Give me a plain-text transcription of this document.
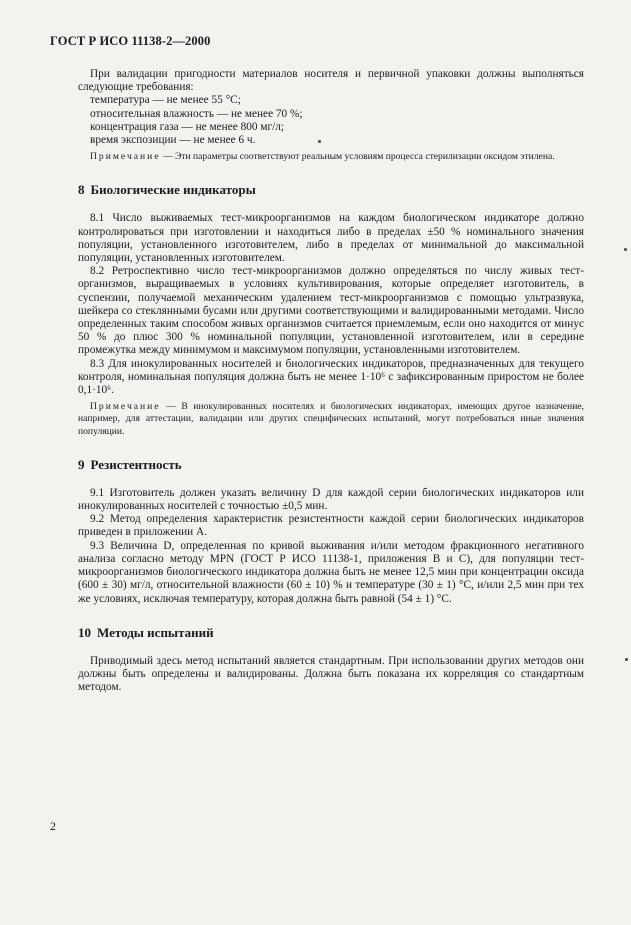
ГОСТ Р ИСО 11138-2—2000

При валидации пригодности материалов носителя и первичной упаковки должны выполняться следующие требования:

температура — не менее 55 °С;
относительная влажность — не менее 70 %;
концентрация газа — не менее 800 мг/л;
время экспозиции — не менее 6 ч.

Примечание — Эти параметры соответствуют реальным условиям процесса стерилизации оксидом этилена.

8 Биологические индикаторы

8.1 Число выживаемых тест-микроорганизмов на каждом биологическом индикаторе должно контролироваться при изготовлении и находиться либо в пределах ±50 % номинального значения популяции, установленного изготовителем, либо в пределах от минимальной до максимальной популяции, установленных изготовителем.

8.2 Ретроспективно число тест-микроорганизмов должно определяться по числу живых тест-организмов, выращиваемых в условиях культивирования, которые определяет изготовитель, в суспензии, получаемой механическим удалением тест-микроорганизмов с помощью ультразвука, шейкера со стеклянными бусами или другими соответствующими и валидированными методами. Число определенных таким способом живых организмов считается приемлемым, если оно находится от минус 50 % до плюс 300 % номинальной популяции, установленной изготовителем, или в середине промежутка между минимумом и максимумом популяции, установленными изготовителем.

8.3 Для инокулированных носителей и биологических индикаторов, предназначенных для текущего контроля, номинальная популяция должна быть не менее 1·10⁶ с зафиксированным приростом не более 0,1·10⁶.

Примечание — В инокулированных носителях и биологических индикаторах, имеющих другое назначение, например, для аттестации, валидации или других специфических испытаний, могут потребоваться иные значения популяции.

9 Резистентность

9.1 Изготовитель должен указать величину D для каждой серии биологических индикаторов или инокулированных носителей с точностью ±0,5 мин.

9.2 Метод определения характеристик резистентности каждой серии биологических индикаторов приведен в приложении А.

9.3 Величина D, определенная по кривой выживания и/или методом фракционного негативного анализа согласно методу MPN (ГОСТ Р ИСО 11138-1, приложения В и С), для популяции тест-микроорганизмов биологического индикатора должна быть не менее 12,5 мин при концентрации оксида (600 ± 30) мг/л, относительной влажности (60 ± 10) % и температуре (30 ± 1) °С, и/или 2,5 мин при тех же условиях, исключая температуру, которая должна быть равной (54 ± 1) °С.

10 Методы испытаний

Приводимый здесь метод испытаний является стандартным. При использовании других методов они должны быть определены и валидированы. Должна быть показана их корреляция со стандартным методом.

2
